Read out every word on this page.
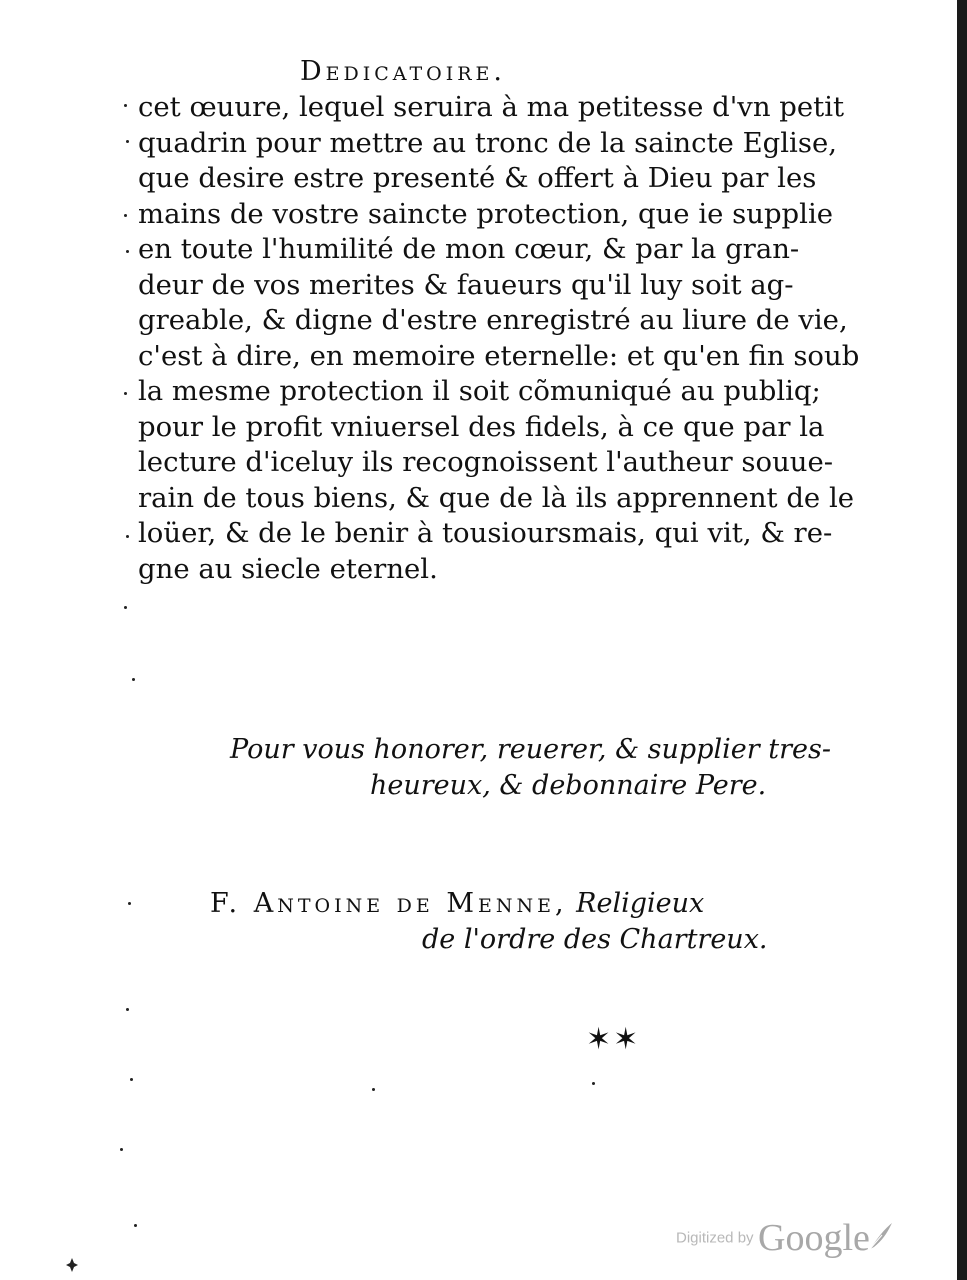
Dedicatoire.
cet œuure, lequel seruira à ma petitesse d'vn petit
quadrin pour mettre au tronc de la saincte Eglise,
que desire estre presenté & offert à Dieu par les
mains de vostre saincte protection, que ie supplie
en toute l'humilité de mon cœur, & par la gran-
deur de vos merites & faueurs qu'il luy soit ag-
greable, & digne d'estre enregistré au liure de vie,
c'est à dire, en memoire eternelle: et qu'en fin soub
la mesme protection il soit cõmuniqué au publiq;
pour le profit vniuersel des fidels, à ce que par la
lecture d'iceluy ils recognoissent l'autheur souue-
rain de tous biens, & que de là ils apprennent de le
loüer, & de le benir à tousioursmais, qui vit, & re-
gne au siecle eternel.
Pour vous honorer, reuerer, & supplier tres-
heureux, & debonnaire Pere.
F. Antoine de Menne, Religieux
de l'ordre des Chartreux.
✶✶
Digitized by Google
